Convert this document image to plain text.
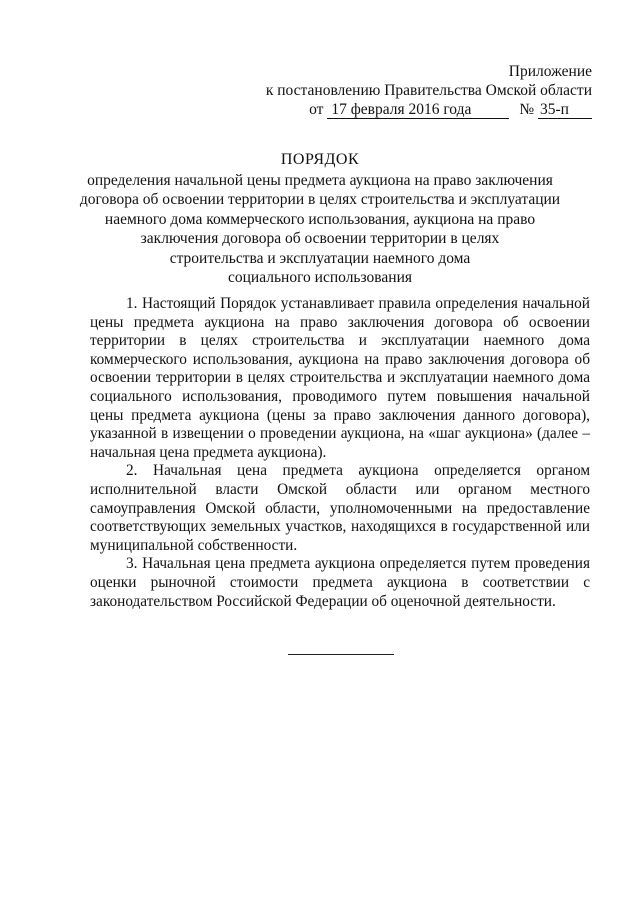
Приложение
к постановлению Правительства Омской области
от 17 февраля 2016 года	№ 35-п
ПОРЯДОК
определения начальной цены предмета аукциона на право заключения
договора об освоении территории в целях строительства и эксплуатации
наемного дома коммерческого использования, аукциона на право
заключения договора об освоении территории в целях
строительства и эксплуатации наемного дома
социального использования

1. Настоящий Порядок устанавливает правила определения начальной цены предмета аукциона на право заключения договора об освоении территории в целях строительства и эксплуатации наемного дома коммерческого использования, аукциона на право заключения договора об освоении территории в целях строительства и эксплуатации наемного дома социального использования, проводимого путем повышения начальной цены предмета аукциона (цены за право заключения данного договора), указанной в извещении о проведении аукциона, на «шаг аукциона» (далее – начальная цена предмета аукциона).

2. Начальная цена предмета аукциона определяется органом исполнительной власти Омской области или органом местного самоуправления Омской области, уполномоченными на предоставление соответствующих земельных участков, находящихся в государственной или муниципальной собственности.

3. Начальная цена предмета аукциона определяется путем проведения оценки рыночной стоимости предмета аукциона в соответствии с законодательством Российской Федерации об оценочной деятельности.
